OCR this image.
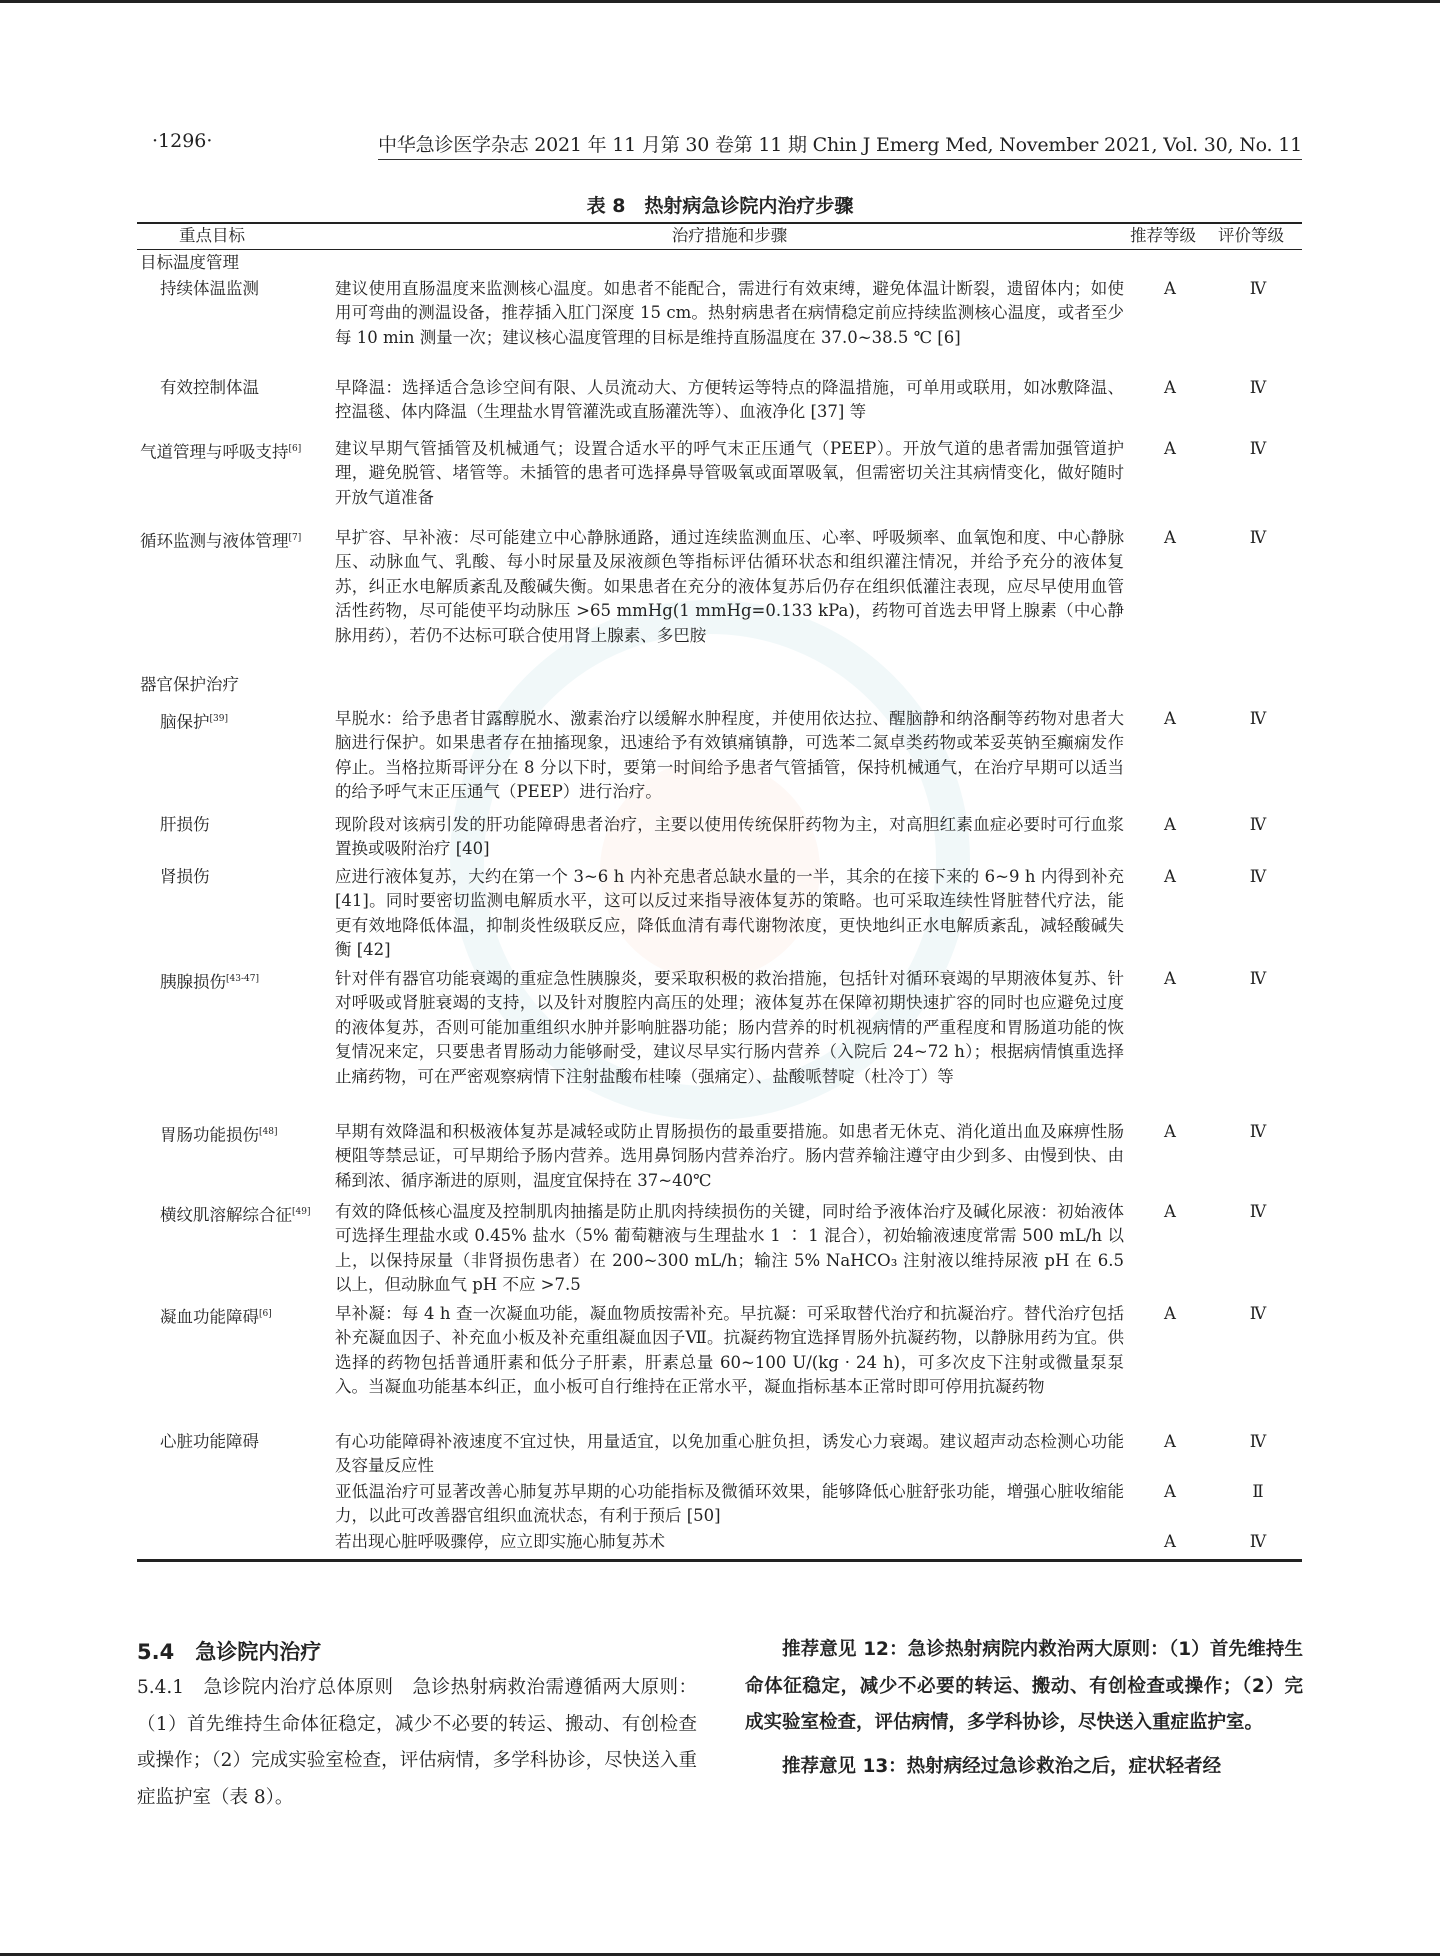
·1296·	中华急诊医学杂志 2021 年 11 月第 30 卷第 11 期 Chin J Emerg Med, November 2021, Vol. 30, No. 11
表 8　热射病急诊院内治疗步骤
重点目标	治疗措施和步骤	推荐等级 评价等级
目标温度管理
持续体温监测	建议使用直肠温度来监测核心温度。如患者不能配合，需进行有效束缚，避免体温计断裂，遗留体内；如使用可弯曲的测温设备，推荐插入肛门深度 15 cm。热射病患者在病情稳定前应持续监测核心温度，或者至少每 10 min 测量一次；建议核心温度管理的目标是维持直肠温度在 37.0~38.5 ℃ [6]
A	Ⅳ
有效控制体温	早降温：选择适合急诊空间有限、人员流动大、方便转运等特点的降温措施，可单用或联用，如冰敷降温、控温毯、体内降温（生理盐水胃管灌洗或直肠灌洗等）、血液净化 [37] 等
A	Ⅳ
气道管理与呼吸支持[6] 建议早期气管插管及机械通气；设置合适水平的呼气末正压通气（PEEP）。开放气道的患者需加强管道护理，避免脱管、堵管等。未插管的患者可选择鼻导管吸氧或面罩吸氧，但需密切关注其病情变化，做好随时开放气道准备
A	Ⅳ
循环监测与液体管理[7] 早扩容、早补液：尽可能建立中心静脉通路，通过连续监测血压、心率、呼吸频率、血氧饱和度、中心静脉压、动脉血气、乳酸、每小时尿量及尿液颜色等指标评估循环状态和组织灌注情况，并给予充分的液体复苏，纠正水电解质紊乱及酸碱失衡。如果患者在充分的液体复苏后仍存在组织低灌注表现，应尽早使用血管活性药物，尽可能使平均动脉压 >65 mmHg(1 mmHg=0.133 kPa)，药物可首选去甲肾上腺素（中心静脉用药），若仍不达标可联合使用肾上腺素、多巴胺
A	Ⅳ
器官保护治疗
脑保护[39]	早脱水：给予患者甘露醇脱水、激素治疗以缓解水肿程度，并使用依达拉、醒脑静和纳洛酮等药物对患者大脑进行保护。如果患者存在抽搐现象，迅速给予有效镇痛镇静，可选苯二氮卓类药物或苯妥英钠至癫痫发作停止。当格拉斯哥评分在 8 分以下时，要第一时间给予患者气管插管，保持机械通气，在治疗早期可以适当的给予呼气末正压通气（PEEP）进行治疗。
A	Ⅳ
肝损伤	现阶段对该病引发的肝功能障碍患者治疗，主要以使用传统保肝药物为主，对高胆红素血症必要时可行血浆置换或吸附治疗 [40]
A	Ⅳ
肾损伤	应进行液体复苏，大约在第一个 3~6 h 内补充患者总缺水量的一半，其余的在接下来的 6~9 h 内得到补充 [41]。同时要密切监测电解质水平，这可以反过来指导液体复苏的策略。也可采取连续性肾脏替代疗法，能更有效地降低体温，抑制炎性级联反应，降低血清有毒代谢物浓度，更快地纠正水电解质紊乱，减轻酸碱失衡 [42]
A	Ⅳ
胰腺损伤[43-47]	针对伴有器官功能衰竭的重症急性胰腺炎，要采取积极的救治措施，包括针对循环衰竭的早期液体复苏、针对呼吸或肾脏衰竭的支持，以及针对腹腔内高压的处理；液体复苏在保障初期快速扩容的同时也应避免过度的液体复苏，否则可能加重组织水肿并影响脏器功能；肠内营养的时机视病情的严重程度和胃肠道功能的恢复情况来定，只要患者胃肠动力能够耐受，建议尽早实行肠内营养（入院后 24~72 h）；根据病情慎重选择止痛药物，可在严密观察病情下注射盐酸布桂嗪（强痛定）、盐酸哌替啶（杜冷丁）等
A	Ⅳ
胃肠功能损伤[48]	早期有效降温和积极液体复苏是减轻或防止胃肠损伤的最重要措施。如患者无休克、消化道出血及麻痹性肠梗阻等禁忌证，可早期给予肠内营养。选用鼻饲肠内营养治疗。肠内营养输注遵守由少到多、由慢到快、由稀到浓、循序渐进的原则，温度宜保持在 37~40℃
A	Ⅳ
横纹肌溶解综合征[49] 有效的降低核心温度及控制肌肉抽搐是防止肌肉持续损伤的关键，同时给予液体治疗及碱化尿液：初始液体可选择生理盐水或 0.45% 盐水（5% 葡萄糖液与生理盐水 1 ∶ 1 混合），初始输液速度常需 500 mL/h 以上，以保持尿量（非肾损伤患者）在 200~300 mL/h；输注 5% NaHCO₃ 注射液以维持尿液 pH 在 6.5 以上，但动脉血气 pH 不应 >7.5
A	Ⅳ
凝血功能障碍[6]	早补凝：每 4 h 查一次凝血功能，凝血物质按需补充。早抗凝：可采取替代治疗和抗凝治疗。替代治疗包括补充凝血因子、补充血小板及补充重组凝血因子Ⅶ。抗凝药物宜选择胃肠外抗凝药物，以静脉用药为宜。供选择的药物包括普通肝素和低分子肝素，肝素总量 60~100 U/(kg · 24 h)，可多次皮下注射或微量泵泵入。当凝血功能基本纠正，血小板可自行维持在正常水平，凝血指标基本正常时即可停用抗凝药物
A	Ⅳ
心脏功能障碍	有心功能障碍补液速度不宜过快，用量适宜，以免加重心脏负担，诱发心力衰竭。建议超声动态检测心功能及容量反应性
A	Ⅳ
亚低温治疗可显著改善心肺复苏早期的心功能指标及微循环效果，能够降低心脏舒张功能，增强心脏收缩能力，以此可改善器官组织血流状态，有利于预后 [50]
A	Ⅱ
若出现心脏呼吸骤停，应立即实施心肺复苏术	A	Ⅳ
5.4　急诊院内治疗
5.4.1　急诊院内治疗总体原则　急诊热射病救治需遵循两大原则：（1）首先维持生命体征稳定，减少不必要的转运、搬动、有创检查或操作；（2）完成实验室检查，评估病情，多学科协诊，尽快送入重症监护室（表 8）。

推荐意见 12：急诊热射病院内救治两大原则：（1）首先维持生命体征稳定，减少不必要的转运、搬动、有创检查或操作；（2）完成实验室检查，评估病情，多学科协诊，尽快送入重症监护室。

推荐意见 13：热射病经过急诊救治之后，症状轻者经
